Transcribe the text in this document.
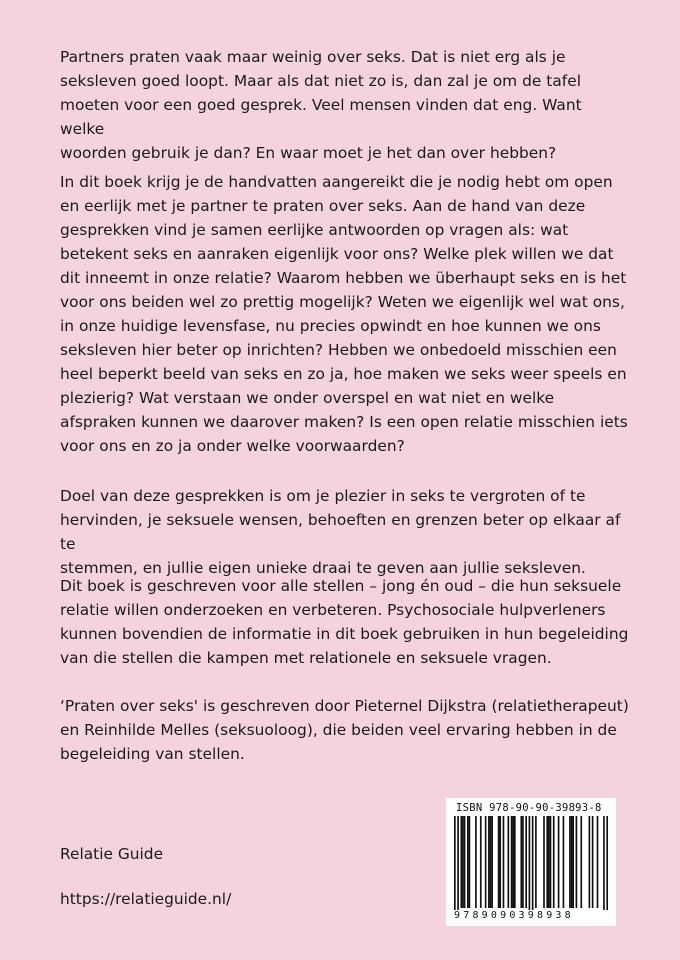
Partners praten vaak maar weinig over seks. Dat is niet erg als je
seksleven goed loopt. Maar als dat niet zo is, dan zal je om de tafel
moeten voor een goed gesprek. Veel mensen vinden dat eng. Want welke
woorden gebruik je dan? En waar moet je het dan over hebben?

In dit boek krijg je de handvatten aangereikt die je nodig hebt om open
en eerlijk met je partner te praten over seks. Aan de hand van deze
gesprekken vind je samen eerlijke antwoorden op vragen als: wat
betekent seks en aanraken eigenlijk voor ons? Welke plek willen we dat
dit inneemt in onze relatie? Waarom hebben we überhaupt seks en is het
voor ons beiden wel zo prettig mogelijk? Weten we eigenlijk wel wat ons,
in onze huidige levensfase, nu precies opwindt en hoe kunnen we ons
seksleven hier beter op inrichten? Hebben we onbedoeld misschien een
heel beperkt beeld van seks en zo ja, hoe maken we seks weer speels en
plezierig? Wat verstaan we onder overspel en wat niet en welke
afspraken kunnen we daarover maken? Is een open relatie misschien iets
voor ons en zo ja onder welke voorwaarden?

Doel van deze gesprekken is om je plezier in seks te vergroten of te
hervinden, je seksuele wensen, behoeften en grenzen beter op elkaar af te
stemmen, en jullie eigen unieke draai te geven aan jullie seksleven.

Dit boek is geschreven voor alle stellen – jong én oud – die hun seksuele
relatie willen onderzoeken en verbeteren. Psychosociale hulpverleners
kunnen bovendien de informatie in dit boek gebruiken in hun begeleiding
van die stellen die kampen met relationele en seksuele vragen.

‘Praten over seks' is geschreven door Pieternel Dijkstra (relatietherapeut)
en Reinhilde Melles (seksuoloog), die beiden veel ervaring hebben in de
begeleiding van stellen.

Relatie Guide
https://relatieguide.nl/
ISBN 978-90-90-39893-8
9789090398938
